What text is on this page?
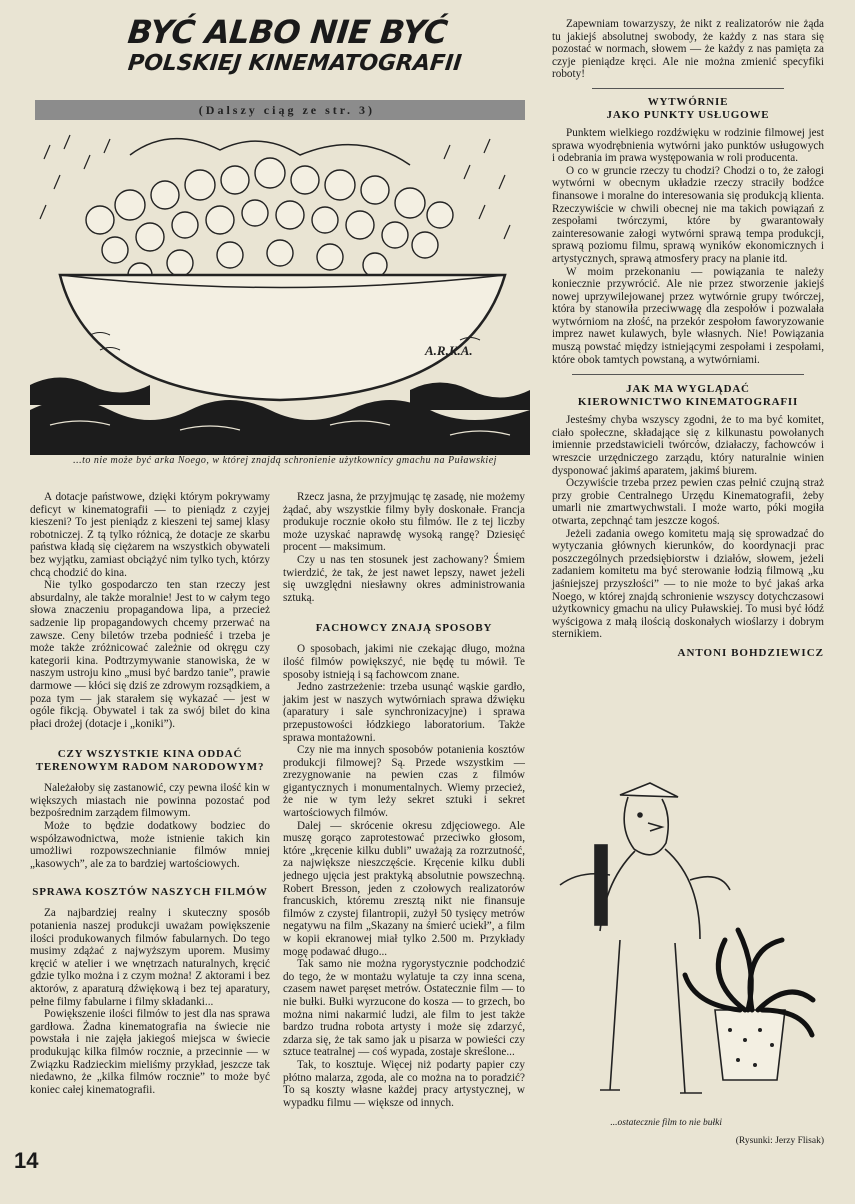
BYĆ ALBO NIE BYĆ
POLSKIEJ KINEMATOGRAFII
(Dalszy ciąg ze str. 3)
A.R.K.A.
...to nie może być arka Noego, w której znajdą schronienie użytkownicy gmachu na Puławskiej

Zapewniam towarzyszy, że nikt z realizatorów nie żąda tu jakiejś absolutnej swobody, że każdy z nas stara się pozostać w normach, słowem — że każdy z nas pamięta za czyje pieniądze kręci. Ale nie można zmienić specyfiki roboty!

WYTWÓRNIE
JAKO PUNKTY USŁUGOWE

Punktem wielkiego rozdźwięku w rodzinie filmowej jest sprawa wyodrębnienia wytwórni jako punktów usługowych i odebrania im prawa występowania w roli producenta.

O co w gruncie rzeczy tu chodzi? Chodzi o to, że załogi wytwórni w obecnym układzie rzeczy straciły bodźce finansowe i moralne do interesowania się produkcją klienta. Rzeczywiście w chwili obecnej nie ma takich powiązań z zespołami twórczymi, które by gwarantowały zainteresowanie załogi wytwórni sprawą tempa produkcji, sprawą poziomu filmu, sprawą wyników ekonomicznych i artystycznych, sprawą atmosfery pracy na planie itd.

W moim przekonaniu — powiązania te należy koniecznie przywrócić. Ale nie przez stworzenie jakiejś nowej uprzywilejowanej przez wytwórnie grupy twórczej, która by stanowiła przeciwwagę dla zespołów i pozwalała wytwórniom na złość, na przekór zespołom faworyzowanie imprez nawet kulawych, byle własnych. Nie! Powiązania muszą powstać między istniejącymi zespołami i zespołami, które obok tamtych powstaną, a wytwórniami.

JAK MA WYGLĄDAĆ
KIEROWNICTWO KINEMATOGRAFII

Jesteśmy chyba wszyscy zgodni, że to ma być komitet, ciało społeczne, składające się z kilkunastu powołanych imiennie przedstawicieli twórców, działaczy, fachowców i wreszcie urzędniczego zarządu, który naturalnie winien dysponować jakimś aparatem, jakimś biurem.

Oczywiście trzeba przez pewien czas pełnić czujną straż przy grobie Centralnego Urzędu Kinematografii, żeby umarli nie zmartwychwstali. I może warto, póki mogiła otwarta, zepchnąć tam jeszcze kogoś.

Jeżeli zadania owego komitetu mają się sprowadzać do wytyczania głównych kierunków, do koordynacji prac poszczególnych przedsiębiorstw i działów, słowem, jeżeli zadaniem komitetu ma być sterowanie łodzią filmową „ku jaśniejszej przyszłości” — to nie może to być jakaś arka Noego, w której znajdą schronienie wszyscy dotychczasowi użytkownicy gmachu na ulicy Puławskiej. To musi być łódź wyścigowa z małą ilością doskonałych wioślarzy i dobrym sternikiem.

ANTONI BOHDZIEWICZ

A dotacje państwowe, dzięki którym pokrywamy deficyt w kinematografii — to pieniądz z czyjej kieszeni? To jest pieniądz z kieszeni tej samej klasy robotniczej. Z tą tylko różnicą, że dotacje ze skarbu państwa kładą się ciężarem na wszystkich obywateli bez wyjątku, zamiast obciążyć nim tylko tych, którzy chcą chodzić do kina.

Nie tylko gospodarczo ten stan rzeczy jest absurdalny, ale także moralnie! Jest to w całym tego słowa znaczeniu propagandowa lipa, a przecież sadzenie lip propagandowych chcemy przerwać na zawsze. Ceny biletów trzeba podnieść i trzeba je może także zróżnicować zależnie od okręgu czy kategorii kina. Podtrzymywanie stanowiska, że w naszym ustroju kino „musi być bardzo tanie”, prawie darmowe — kłóci się dziś ze zdrowym rozsądkiem, a poza tym — jak starałem się wykazać — jest w ogóle fikcją. Obywatel i tak za swój bilet do kina płaci drożej (dotacje i „koniki”).

CZY WSZYSTKIE KINA ODDAĆ
TERENOWYM RADOM NARODOWYM?

Należałoby się zastanowić, czy pewna ilość kin w większych miastach nie powinna pozostać pod bezpośrednim zarządem filmowym.

Może to będzie dodatkowy bodziec do współzawodnictwa, może istnienie takich kin umożliwi rozpowszechnianie filmów mniej „kasowych”, ale za to bardziej wartościowych.

SPRAWA KOSZTÓW NASZYCH FILMÓW

Za najbardziej realny i skuteczny sposób potanienia naszej produkcji uważam powiększenie ilości produkowanych filmów fabularnych. Do tego musimy zdążać z najwyższym uporem. Musimy kręcić w atelier i we wnętrzach naturalnych, kręcić gdzie tylko można i z czym można! Z aktorami i bez aktorów, z aparaturą dźwiękową i bez tej aparatury, pełne filmy fabularne i filmy składanki...

Powiększenie ilości filmów to jest dla nas sprawa gardłowa. Żadna kinematografia na świecie nie powstała i nie zajęła jakiegoś miejsca w świecie produkując kilka filmów rocznie, a przecinnie — w Związku Radzieckim mieliśmy przykład, jeszcze tak niedawno, że „kilka filmów rocznie” to może być koniec całej kinematografii.

Rzecz jasna, że przyjmując tę zasadę, nie możemy żądać, aby wszystkie filmy były doskonałe. Francja produkuje rocznie około stu filmów. Ile z tej liczby może uzyskać naprawdę wysoką rangę? Dziesięć procent — maksimum.

Czy u nas ten stosunek jest zachowany? Śmiem twierdzić, że tak, że jest nawet lepszy, nawet jeżeli się uwzględni niesławny okres administrowania sztuką.

FACHOWCY ZNAJĄ SPOSOBY

O sposobach, jakimi nie czekając długo, można ilość filmów powiększyć, nie będę tu mówił. Te sposoby istnieją i są fachowcom znane.

Jedno zastrzeżenie: trzeba usunąć wąskie gardło, jakim jest w naszych wytwórniach sprawa dźwięku (aparatury i sale synchronizacyjne) i sprawa przepustowości łódzkiego laboratorium. Także sprawa montażowni.

Czy nie ma innych sposobów potanienia kosztów produkcji filmowej? Są. Przede wszystkim — zrezygnowanie na pewien czas z filmów gigantycznych i monumentalnych. Wiemy przecież, że nie w tym leży sekret sztuki i sekret wartościowych filmów.

Dalej — skrócenie okresu zdjęciowego. Ale muszę gorąco zaprotestować przeciwko głosom, które „kręcenie kilku dubli” uważają za rozrzutność, za największe nieszczęście. Kręcenie kilku dubli jednego ujęcia jest praktyką absolutnie powszechną. Robert Bresson, jeden z czołowych realizatorów francuskich, któremu zresztą nikt nie finansuje filmów z czystej filantropii, zużył 50 tysięcy metrów negatywu na film „Skazany na śmierć uciekł”, a film w kopii ekranowej miał tylko 2.500 m. Przykłady mogę podawać długo...

Tak samo nie można rygorystycznie podchodzić do tego, że w montażu wylatuje ta czy inna scena, czasem nawet paręset metrów. Ostatecznie film — to nie bułki. Bułki wyrzucone do kosza — to grzech, bo można nimi nakarmić ludzi, ale film to jest także bardzo trudna robota artysty i może się zdarzyć, zdarza się, że tak samo jak u pisarza w powieści czy sztuce teatralnej — coś wypada, zostaje skreślone...

Tak, to kosztuje. Więcej niż podarty papier czy płótno malarza, zgoda, ale co można na to poradzić? To są koszty własne każdej pracy artystycznej, w wypadku filmu — większe od innych.

...ostatecznie film to nie bułki
(Rysunki: Jerzy Flisak)
14
